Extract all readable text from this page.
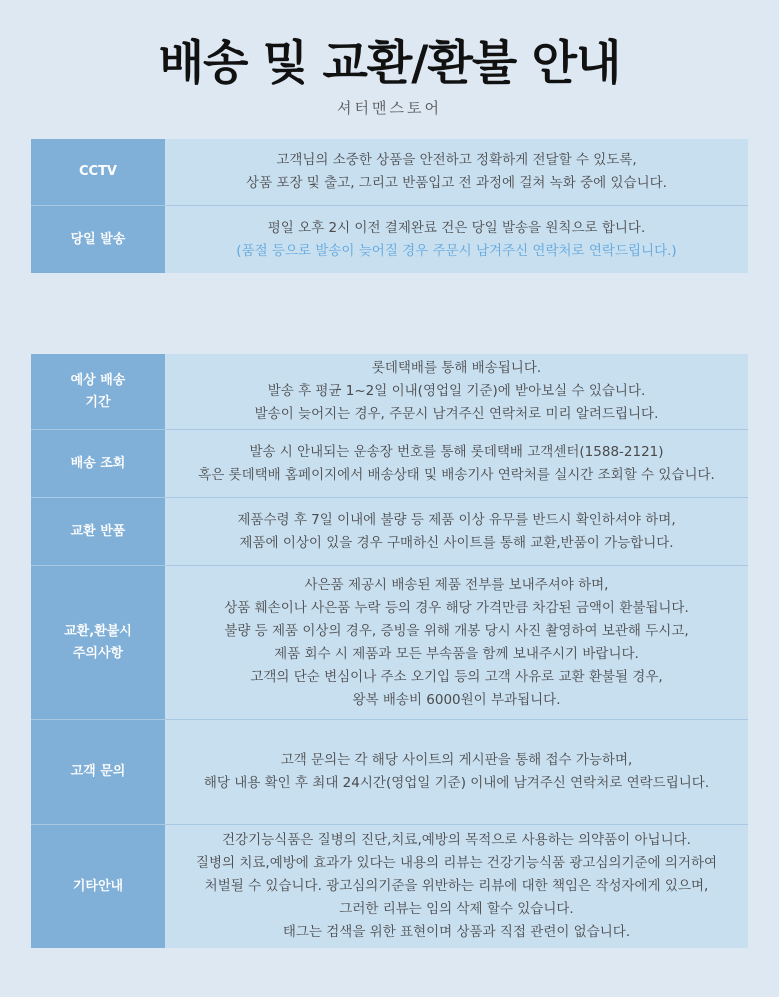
배송 및 교환/환불 안내
셔터맨스토어
CCTV
고객님의 소중한 상품을 안전하고 정확하게 전달할 수 있도록,
상품 포장 및 출고, 그리고 반품입고 전 과정에 걸쳐 녹화 중에 있습니다.
당일 발송
평일 오후 2시 이전 결제완료 건은 당일 발송을 원칙으로 합니다.
(품절 등으로 발송이 늦어질 경우 주문시 남겨주신 연락처로 연락드립니다.)
예상 배송
기간
롯데택배를 통해 배송됩니다.
발송 후 평균 1~2일 이내(영업일 기준)에 받아보실 수 있습니다.
발송이 늦어지는 경우, 주문시 남겨주신 연락처로 미리 알려드립니다.
배송 조회
발송 시 안내되는 운송장 번호를 통해 롯데택배 고객센터(1588-2121)
혹은 롯데택배 홈페이지에서 배송상태 및 배송기사 연락처를 실시간 조회할 수 있습니다.
교환 반품
제품수령 후 7일 이내에 불량 등 제품 이상 유무를 반드시 확인하셔야 하며,
제품에 이상이 있을 경우 구매하신 사이트를 통해 교환,반품이 가능합니다.
교환,환불시
주의사항
사은품 제공시 배송된 제품 전부를 보내주셔야 하며,
상품 훼손이나 사은품 누락 등의 경우 해당 가격만큼 차감된 금액이 환불됩니다.
불량 등 제품 이상의 경우, 증빙을 위해 개봉 당시 사진 촬영하여 보관해 두시고,
제품 회수 시 제품과 모든 부속품을 함께 보내주시기 바랍니다.
고객의 단순 변심이나 주소 오기입 등의 고객 사유로 교환 환불될 경우,
왕복 배송비 6000원이 부과됩니다.
고객 문의
고객 문의는 각 해당 사이트의 게시판을 통해 접수 가능하며,
해당 내용 확인 후 최대 24시간(영업일 기준) 이내에 남겨주신 연락처로 연락드립니다.
기타안내
건강기능식품은 질병의 진단,치료,예방의 목적으로 사용하는 의약품이 아닙니다.
질병의 치료,예방에 효과가 있다는 내용의 리뷰는 건강기능식품 광고심의기준에 의거하여
처벌될 수 있습니다. 광고심의기준을 위반하는 리뷰에 대한 책임은 작성자에게 있으며,
그러한 리뷰는 임의 삭제 할수 있습니다.
태그는 검색을 위한 표현이며 상품과 직접 관련이 없습니다.
